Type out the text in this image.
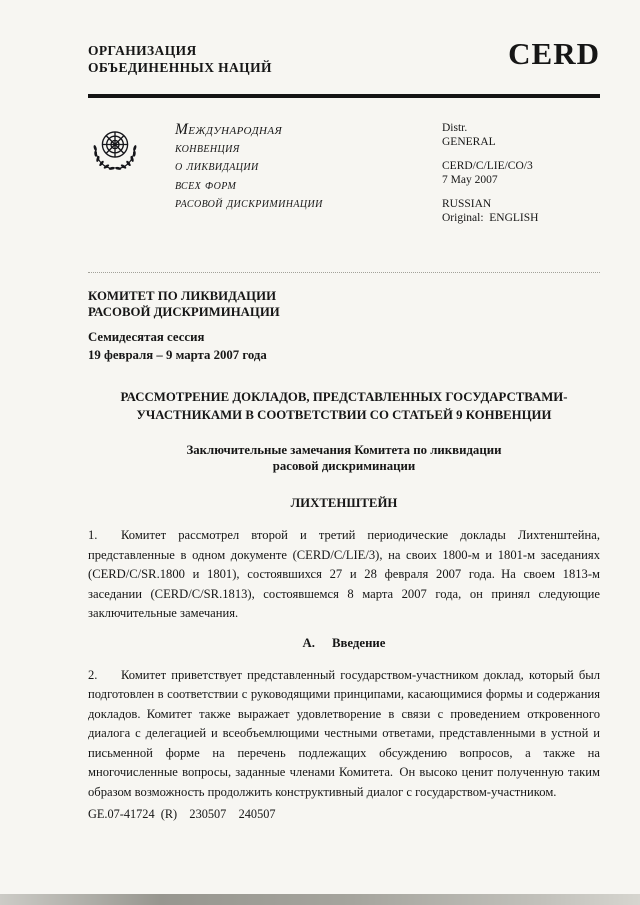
ОРГАНИЗАЦИЯ
ОБЪЕДИНЕННЫХ НАЦИЙ	CERD
Международная
конвенция
о ликвидации
всех форм
расовой дискриминации
Distr.
GENERAL
CERD/C/LIE/CO/3
7 May 2007
RUSSIAN
Original: ENGLISH
КОМИТЕТ ПО ЛИКВИДАЦИИ
РАСОВОЙ ДИСКРИМИНАЦИИ
Семидесятая сессия
19 февраля – 9 марта 2007 года
РАССМОТРЕНИЕ ДОКЛАДОВ, ПРЕДСТАВЛЕННЫХ ГОСУДАРСТВАМИ-
УЧАСТНИКАМИ В СООТВЕТСТВИИ СО СТАТЬЕЙ 9 КОНВЕНЦИИ
Заключительные замечания Комитета по ликвидации
расовой дискриминации
ЛИХТЕНШТЕЙН

1. Комитет рассмотрел второй и третий периодические доклады Лихтенштейна, представленные в одном документе (CERD/C/LIE/3), на своих 1800-м и 1801-м заседаниях (CERD/C/SR.1800 и 1801), состоявшихся 27 и 28 февраля 2007 года. На своем 1813-м заседании (CERD/C/SR.1813), состоявшемся 8 марта 2007 года, он принял следующие заключительные замечания.

A. Введение

2. Комитет приветствует представленный государством-участником доклад, который был подготовлен в соответствии с руководящими принципами, касающимися формы и содержания докладов. Комитет также выражает удовлетворение в связи с проведением откровенного диалога с делегацией и всеобъемлющими честными ответами, представленными в устной и письменной форме на перечень подлежащих обсуждению вопросов, а также на многочисленные вопросы, заданные членами Комитета. Он высоко ценит полученную таким образом возможность продолжить конструктивный диалог с государством-участником.

GE.07-41724 (R)  230507  240507
